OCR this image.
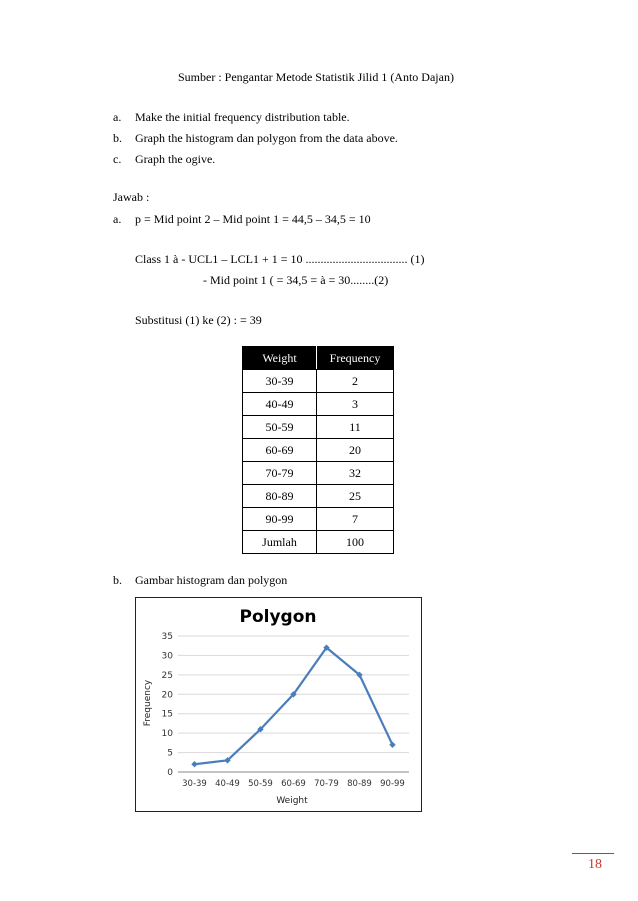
Sumber : Pengantar Metode Statistik Jilid 1 (Anto Dajan)
a. Make the initial frequency distribution table.
b. Graph the histogram dan polygon from the data above.
c. Graph the ogive.
Jawab :
a. p = Mid point 2 – Mid point 1 = 44,5 – 34,5 = 10
Class 1 à - UCL1 – LCL1 + 1 = 10 .................................. (1)
- Mid point 1 ( = 34,5 = à = 30........(2)
Substitusi (1) ke (2) : = 39
Weight	Frequency
30-39	2
40-49	3
50-59	11
60-69	20
70-79	32
80-89	25
90-99	7
Jumlah	100
b. Gambar histogram dan polygon
Polygon
0
5
10
15
20
25
30
35
30-39 40-49 50-59 60-69 70-79 80-89 90-99
Frequency
Weight
18
